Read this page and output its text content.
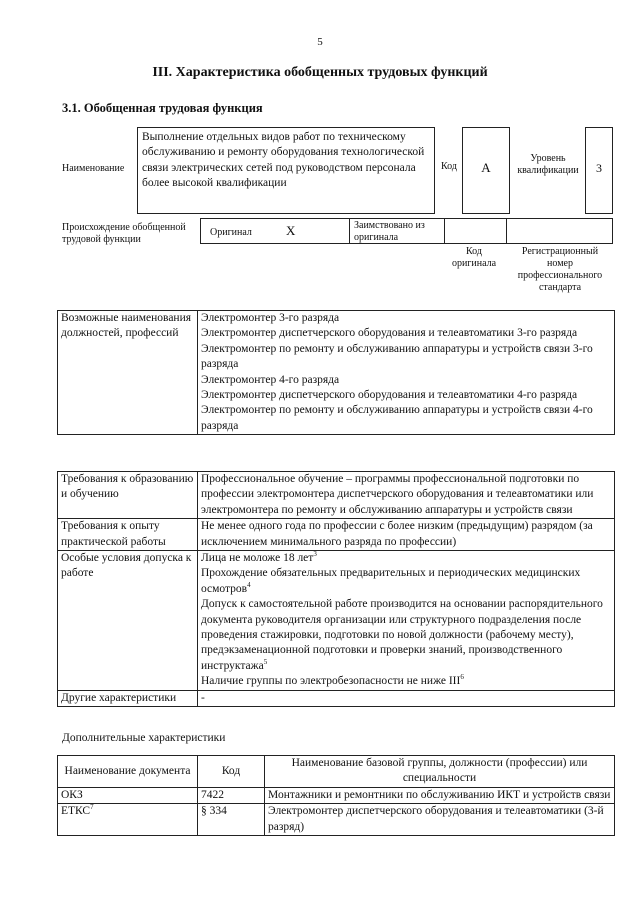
5
III. Характеристика обобщенных трудовых функций
3.1. Обобщенная трудовая функция
Наименование
Выполнение отдельных видов работ по техническому обслуживанию и ремонту оборудования технологической связи электрических сетей под руководством персонала более высокой квалификации
Код	A
Уровень квалификации	3
Происхождение обобщенной трудовой функции
Оригинал	X	Заимствовано из оригинала
Код оригинала
Регистрационный номер профессионального стандарта
Возможные наименования должностей, профессий	
Электромонтер 3-го разряда
Электромонтер диспетчерского оборудования и телеавтоматики 3-го разряда
Электромонтер по ремонту и обслуживанию аппаратуры и устройств связи 3-го разряда
Электромонтер 4-го разряда
Электромонтер диспетчерского оборудования и телеавтоматики 4-го разряда
Электромонтер по ремонту и обслуживанию аппаратуры и устройств связи 4-го разряда
Требования к образованию и обучению	Профессиональное обучение – программы профессиональной подготовки по профессии электромонтера диспетчерского оборудования и телеавтоматики или электромонтера по ремонту и обслуживанию аппаратуры и устройств связи
Требования к опыту практической работы	Не менее одного года по профессии с более низким (предыдущим) разрядом (за исключением минимального разряда по профессии)
Особые условия допуска к работе	Лица не моложе 18 лет$^3$
Прохождение обязательных предварительных и периодических медицинских осмотров$^4$
Допуск к самостоятельной работе производится на основании распорядительного документа руководителя организации или структурного подразделения после проведения стажировки, подготовки по новой должности (рабочему месту), предэкзаменационной подготовки и проверки знаний, производственного инструктажа$^5$
Наличие группы по электробезопасности не ниже III$^6$

Другие характеристики	-
Дополнительные характеристики
Наименование документа	Код	Наименование базовой группы, должности (профессии) или специальности
ОКЗ	7422	Монтажники и ремонтники по обслуживанию ИКТ и устройств связи
ЕТКС$^7$	§ 334	Электромонтер диспетчерского оборудования и телеавтоматики (3-й разряд)
